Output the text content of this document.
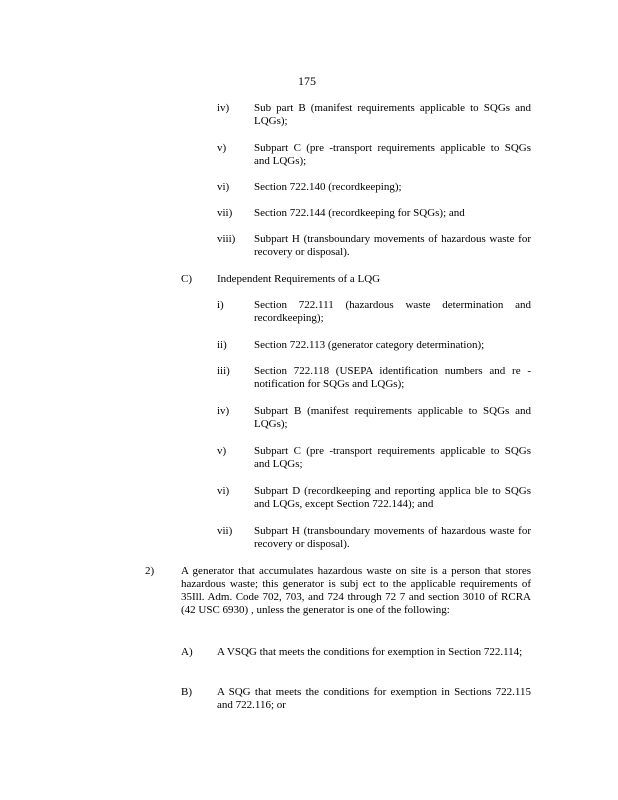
175
iv) Sub part B (manifest requirements applicable to SQGs and LQGs);
v)	Subpart C (pre -transport requirements applicable to SQGs and LQGs);
vi) Section 722.140 (recordkeeping);
vii) Section 722.144 (recordkeeping for SQGs); and
viii) Subpart H (transboundary movements of hazardous waste for recovery or disposal).
C) Independent Requirements of a LQG
i)	Section 722.111 (hazardous waste determination and recordkeeping);
ii) Section 722.113 (generator category determination);
iii) Section 722.118 (USEPA identification numbers and re - notification for SQGs and LQGs);
iv) Subpart B (manifest requirements applicable to SQGs and LQGs);
v)	Subpart C (pre -transport requirements applicable to SQGs and LQGs;
vi) Subpart D (recordkeeping and reporting applica ble to SQGs and LQGs, except Section 722.144); and
vii) Subpart H (transboundary movements of hazardous waste for recovery or disposal).
2) A generator that accumulates hazardous waste on site is a person that stores hazardous waste; this generator is subj ect to the applicable requirements of 35Ill. Adm. Code 702, 703, and 724 through 72 7 and section 3010 of RCRA (42 USC 6930) , unless the generator is one of the following:
A) A VSQG that meets the conditions for exemption in Section 722.114;
B) A SQG that meets the conditions for exemption in Sections 722.115 and 722.116; or
